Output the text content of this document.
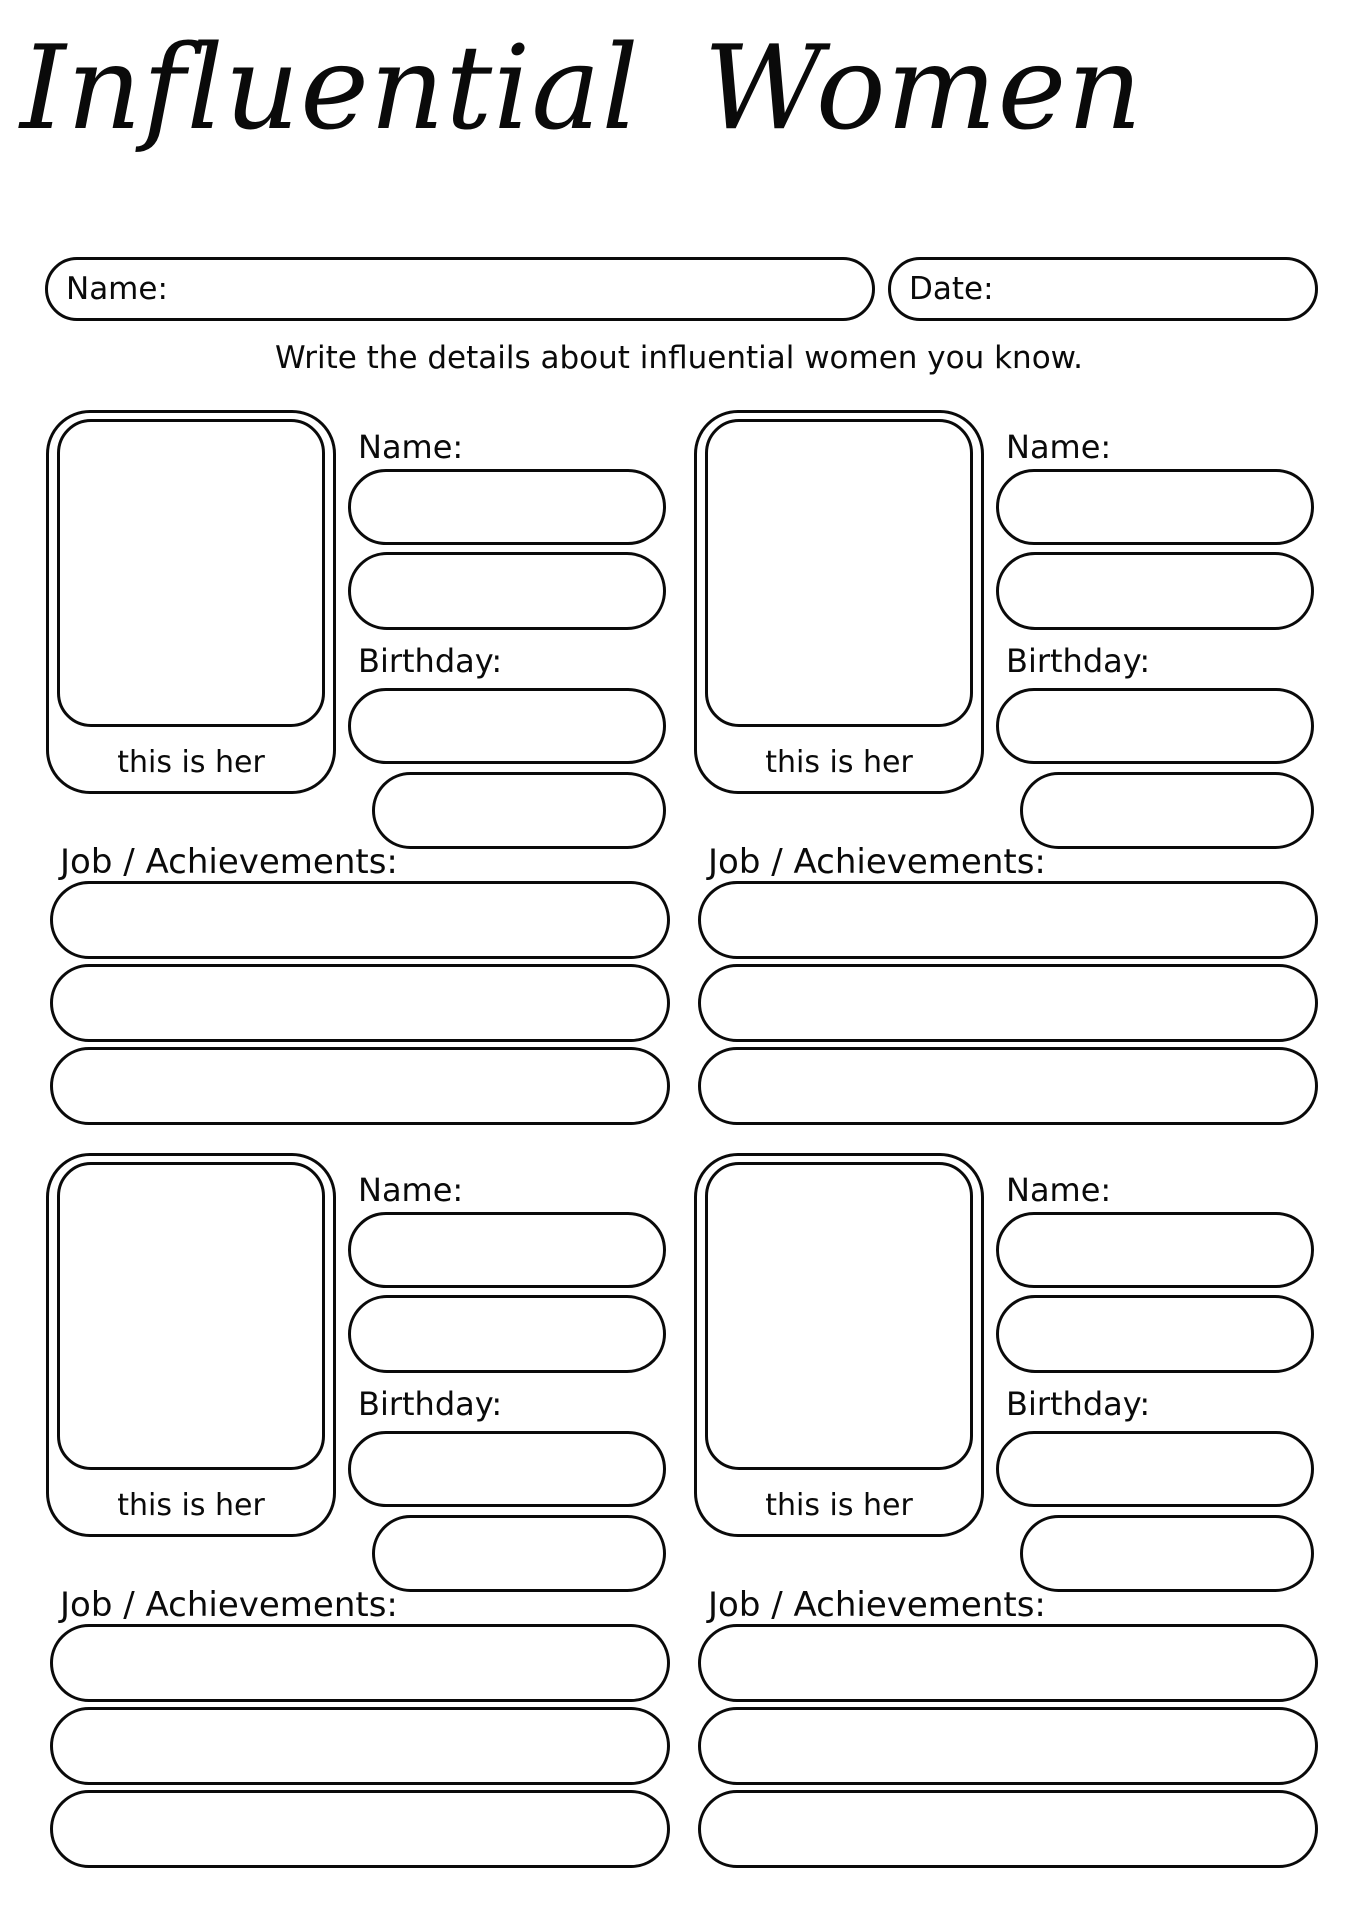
Influential Women
Name:	Date:

Write the details about influential women you know.

this is her
Name:
Birthday:
Job / Achievements:
this is her
Name:
Birthday:
Job / Achievements:
this is her
Name:
Birthday:
Job / Achievements:
this is her
Name:
Birthday:
Job / Achievements:
